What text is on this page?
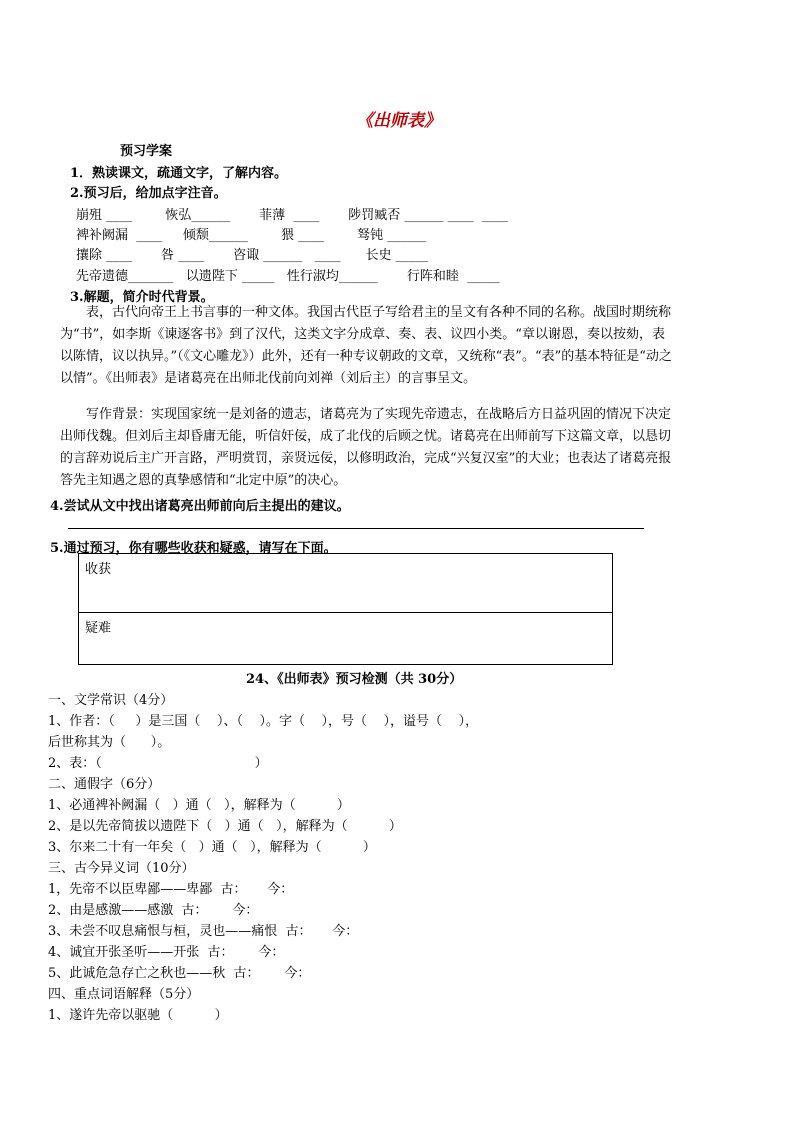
《出师表》
预习学案
1．熟读课文，疏通文字，了解内容。
2.预习后，给加点字注音。
崩殂 ____        恢弘______       菲薄  ____       陟罚臧否 ______ ____  ____
裨补阙漏  ____     倾颓______        猥 ____        驽钝 ______
攘除 ____       咎 ____       咨诹 ______   ____      长史 _____
先帝遗德_______   以遗陛下 _____   性行淑均______       行阵和睦  _____
3.解题，简介时代背景。
表，古代向帝王上书言事的一种文体。我国古代臣子写给君主的呈文有各种不同的名称。战国时期统称为“书”，如李斯《谏逐客书》到了汉代，这类文字分成章、奏、表、议四小类。“章以谢恩，奏以按劾，表以陈情，议以执异。”（《文心雕龙》）此外，还有一种专议朝政的文章，又统称“表”。“表”的基本特征是“动之以情”。《出师表》是诸葛亮在出师北伐前向刘禅（刘后主）的言事呈文。
写作背景：实现国家统一是刘备的遗志，诸葛亮为了实现先帝遗志，在战略后方日益巩固的情况下决定出师伐魏。但刘后主却昏庸无能，听信奸佞，成了北伐的后顾之忧。诸葛亮在出师前写下这篇文章，以恳切的言辞劝说后主广开言路，严明赏罚，亲贤远佞，以修明政治，完成“兴复汉室”的大业；也表达了诸葛亮报答先主知遇之恩的真挚感情和“北定中原”的决心。
4.尝试从文中找出诸葛亮出师前向后主提出的建议。
5.通过预习，你有哪些收获和疑惑，请写在下面。
收获
疑难
24、《出师表》预习检测（共 30分）
一、文学常识（4分）
1、作者：（     ）是三国（    ）、（    ）。字（    ），号（    ），谥号（    ），
后世称其为（      ）。
2、表：（                                     ）
二、通假字（6分）
1、必通裨补阙漏（   ）通（   ），解释为（          ）
2、是以先帝简拔以遗陛下（   ）通（   ），解释为（          ）
3、尔来二十有一年矣（   ）通（   ），解释为（          ）
三、古今异义词（10分）
1，先帝不以臣卑鄙——卑鄙  古：     今：
2、由是感激——感激  古：      今：
3、未尝不叹息痛恨与桓，灵也——痛恨  古：     今：
4、诚宜开张圣听——开张  古：      今：
5、此诚危急存亡之秋也——秋  古：      今：
四、重点词语解释（5分）
1、遂许先帝以驱驰（          ）
